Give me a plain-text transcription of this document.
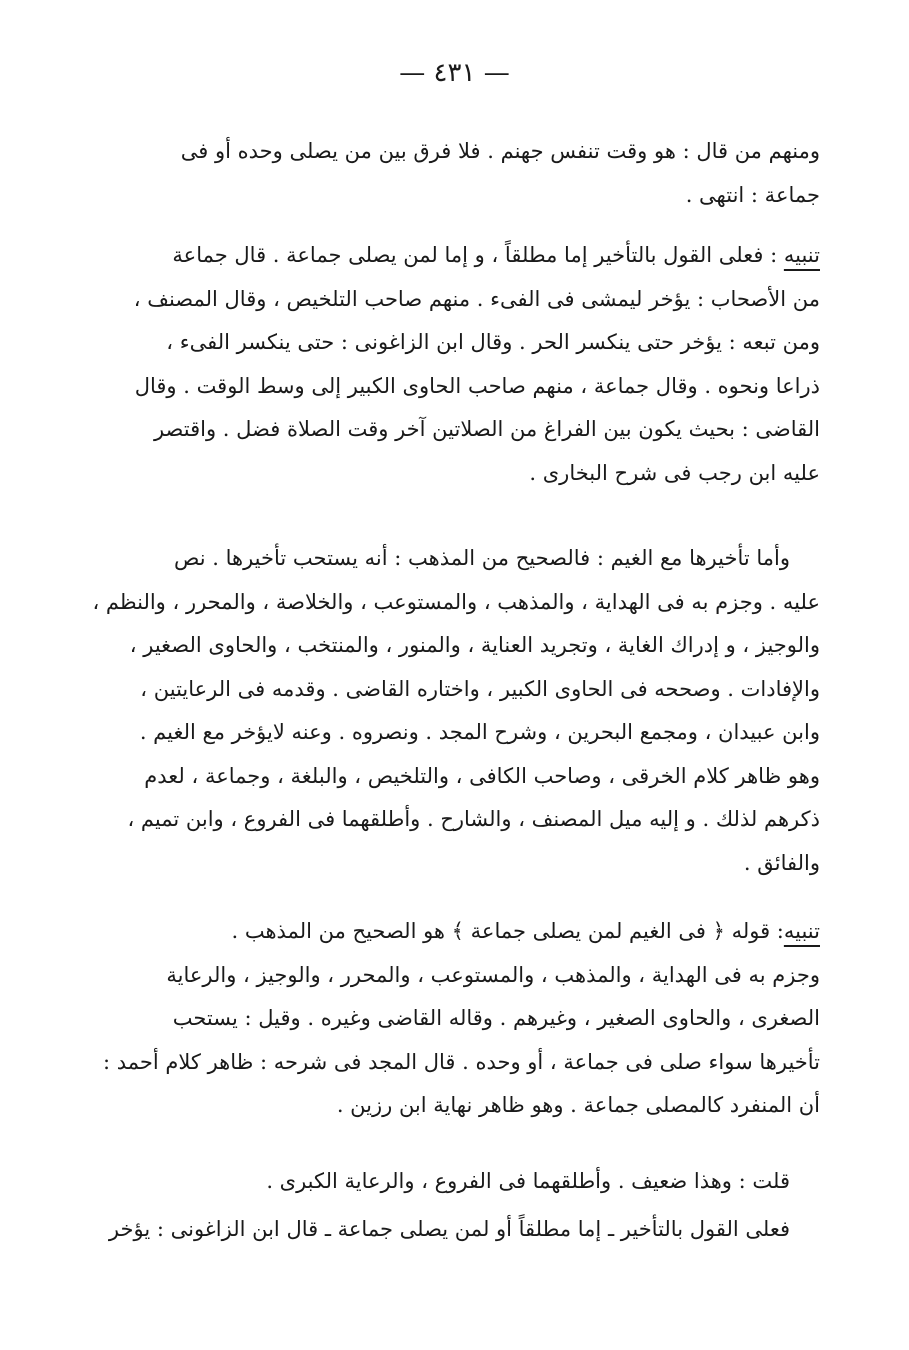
— ٤٣١ —
ومنهم من قال : هو وقت تنفس جهنم . فلا فرق بين من يصلى وحده أو فى
جماعة : انتهى .
تنبيه : فعلى القول بالتأخير إما مطلقاً ، و إما لمن يصلى جماعة . قال جماعة
من الأصحاب : يؤخر ليمشى فى الفىء . منهم صاحب التلخيص ، وقال المصنف ،
ومن تبعه : يؤخر حتى ينكسر الحر . وقال ابن الزاغونى : حتى ينكسر الفىء ،
ذراعا ونحوه . وقال جماعة ، منهم صاحب الحاوى الكبير إلى وسط الوقت . وقال
القاضى : بحيث يكون بين الفراغ من الصلاتين آخر وقت الصلاة فضل . واقتصر
عليه ابن رجب فى شرح البخارى .
وأما تأخيرها مع الغيم : فالصحيح من المذهب : أنه يستحب تأخيرها . نص
عليه . وجزم به فى الهداية ، والمذهب ، والمستوعب ، والخلاصة ، والمحرر ، والنظم ،
والوجيز ، و إدراك الغاية ، وتجريد العناية ، والمنور ، والمنتخب ، والحاوى الصغير ،
والإفادات . وصححه فى الحاوى الكبير ، واختاره القاضى . وقدمه فى الرعايتين ،
وابن عبيدان ، ومجمع البحرين ، وشرح المجد . ونصروه . وعنه لايؤخر مع الغيم .
وهو ظاهر كلام الخرقى ، وصاحب الكافى ، والتلخيص ، والبلغة ، وجماعة ، لعدم
ذكرهم لذلك . و إليه ميل المصنف ، والشارح . وأطلقهما فى الفروع ، وابن تميم ،
والفائق .
تنبيه: قوله ﴿ فى الغيم لمن يصلى جماعة ﴾ هو الصحيح من المذهب .
وجزم به فى الهداية ، والمذهب ، والمستوعب ، والمحرر ، والوجيز ، والرعاية
الصغرى ، والحاوى الصغير ، وغيرهم . وقاله القاضى وغيره . وقيل : يستحب
تأخيرها سواء صلى فى جماعة ، أو وحده . قال المجد فى شرحه : ظاهر كلام أحمد :
أن المنفرد كالمصلى جماعة . وهو ظاهر نهاية ابن رزين .
قلت : وهذا ضعيف . وأطلقهما فى الفروع ، والرعاية الكبرى .
فعلى القول بالتأخير ـ إما مطلقاً أو لمن يصلى جماعة ـ قال ابن الزاغونى : يؤخر
